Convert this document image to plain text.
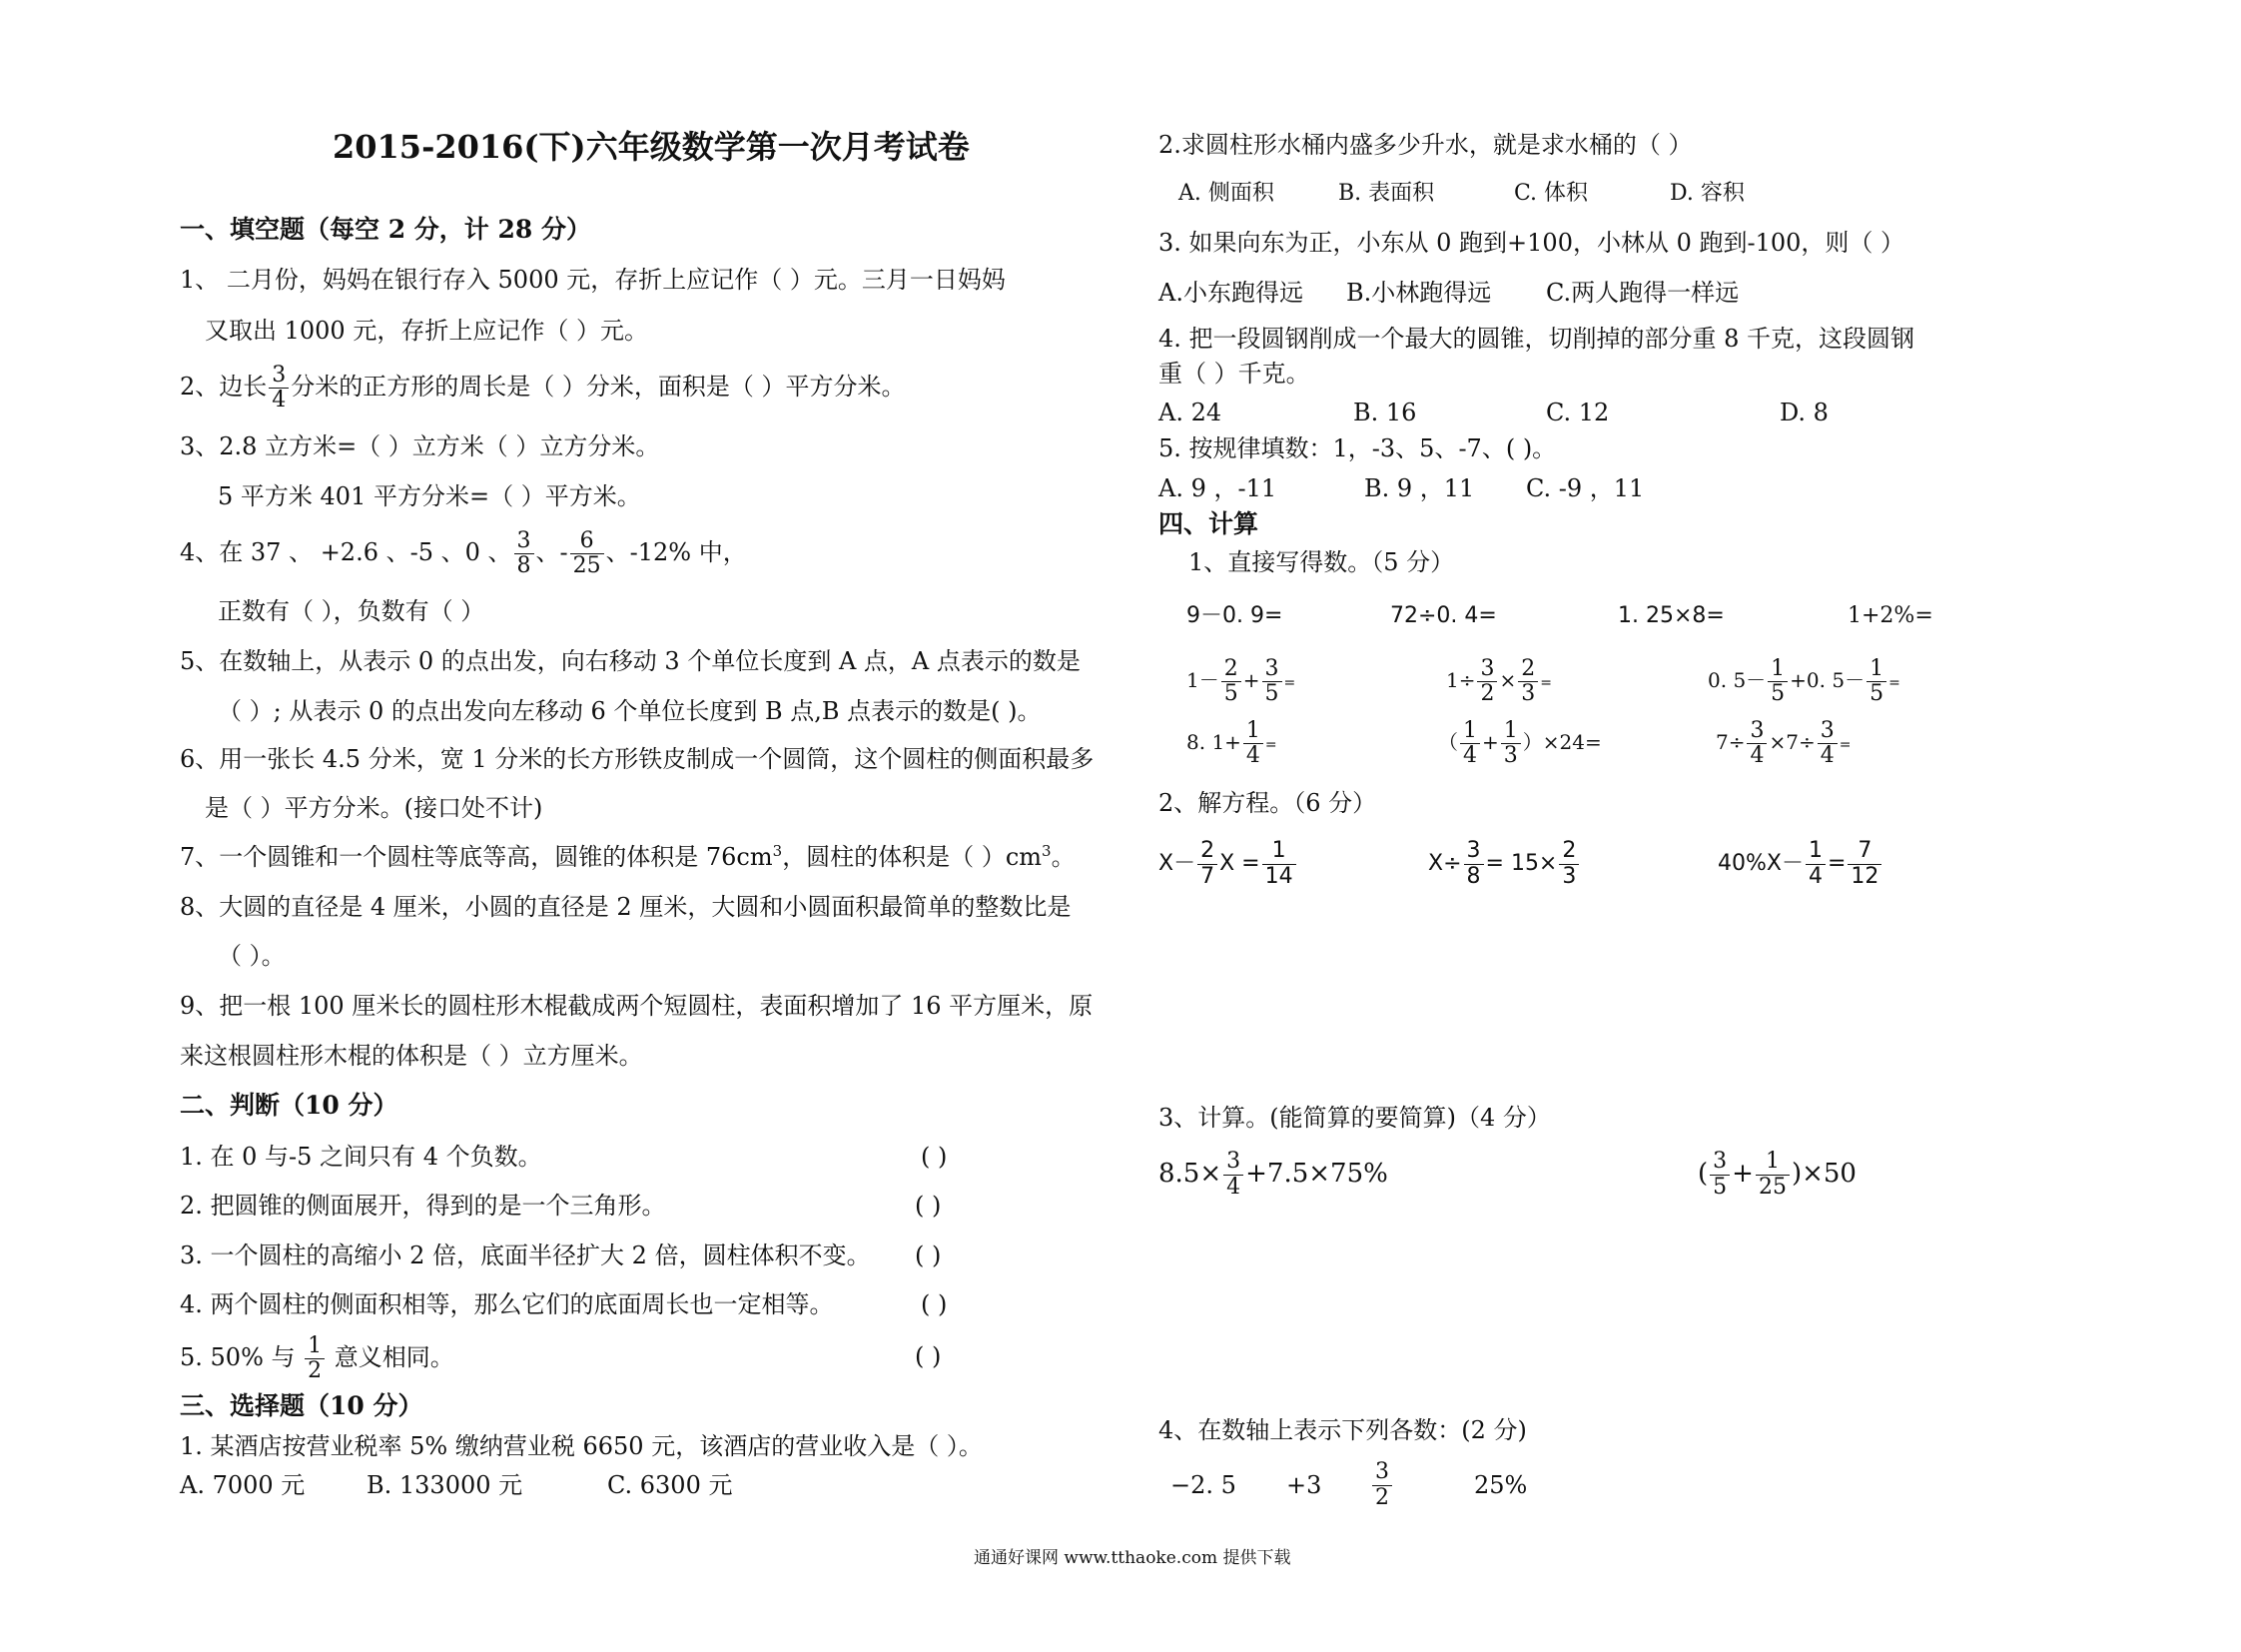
2015-2016(下)六年级数学第一次月考试卷
一、填空题（每空 2 分，计 28 分）
1、 二月份，妈妈在银行存入 5000 元，存折上应记作（ ）元。三月一日妈妈
又取出 1000 元，存折上应记作（ ）元。
2、边长 $\frac{3}{4}$ 分米的正方形的周长是（ ）分米，面积是（ ）平方分米。
3、2.8 立方米=（ ）立方米（ ）立方分米。
5 平方米 401 平方分米=（ ）平方米。
4、在 37 、 +2.6 、-5 、0 、 $\frac{3}{8}$ 、- $\frac{6}{25}$ 、-12% 中，
正数有（ ），负数有（ ）
5、在数轴上，从表示 0 的点出发，向右移动 3 个单位长度到 A 点，A 点表示的数是
（ ）; 从表示 0 的点出发向左移动 6 个单位长度到 B 点,B 点表示的数是( )。
6、用一张长 4.5 分米，宽 1 分米的长方形铁皮制成一个圆筒，这个圆柱的侧面积最多
是（ ）平方分米。(接口处不计)
7、一个圆锥和一个圆柱等底等高，圆锥的体积是 $76cm^3$，圆柱的体积是（ ）$cm^3$。
8、大圆的直径是 4 厘米，小圆的直径是 2 厘米，大圆和小圆面积最简单的整数比是
（ ）。
9、把一根 100 厘米长的圆柱形木棍截成两个短圆柱，表面积增加了 16 平方厘米，原
来这根圆柱形木棍的体积是（ ）立方厘米。
二、判断（10 分）
1. 在 0 与-5 之间只有 4 个负数。	( )
2. 把圆锥的侧面展开，得到的是一个三角形。	( )
3. 一个圆柱的高缩小 2 倍，底面半径扩大 2 倍，圆柱体积不变。 ( )
4. 两个圆柱的侧面积相等，那么它们的底面周长也一定相等。	( )
5. 50% 与 $\frac{1}{2}$ 意义相同。	( )
三、选择题（10 分）
1. 某酒店按营业税率 5% 缴纳营业税 6650 元，该酒店的营业收入是（ ）。
A. 7000 元	B. 133000 元	C. 6300 元
2.求圆柱形水桶内盛多少升水，就是求水桶的（ ）
A. 侧面积	B. 表面积	C. 体积	D. 容积
3. 如果向东为正，小东从 0 跑到+100，小林从 0 跑到-100，则（ ）
A.小东跑得远 B.小林跑得远 C.两人跑得一样远
4. 把一段圆钢削成一个最大的圆锥，切削掉的部分重 8 千克，这段圆钢
重（ ）千克。
A. 24	B. 16	C. 12	D. 8
5. 按规律填数：1，-3、5、-7、( )。
A. 9 ，-11	B. 9 ，11 C. -9 ，11
四、计算
1、直接写得数。（5 分）
9－0. 9=	72÷0. 4=	1. 25×8=	1+2%=
$1- \frac{2}{5} + \frac{3}{5}$ =	$1\div \frac{3}{2} \times \frac{2}{3}$ =	0. $5- \frac{1}{5} +0$. $5- \frac{1}{5}$ =
8. $1+ \frac{1}{4}$ =	（ $\frac{1}{4} + \frac{1}{3} )\times 24=$	$7\div \frac{3}{4} \times 7\div \frac{3}{4}$ =
2、解方程。（6 分）
$X- \frac{2}{7}$ $X = \frac{1}{14}$	$X\div \frac{3}{8} = 15\times \frac{2}{3}$	$40\%X- \frac{1}{4} = \frac{7}{12}$
3、计算。(能简算的要简算)（4 分）
$8.5\times \frac{3}{4} +7.5\times 75\%$	( $\frac{3}{5} + \frac{1}{25} )\times 50$
4、在数轴上表示下列各数：(2 分)
−2. $5 +3 \frac{3}{2}$	25%
通通好课网 www.tthaoke.com 提供下载
